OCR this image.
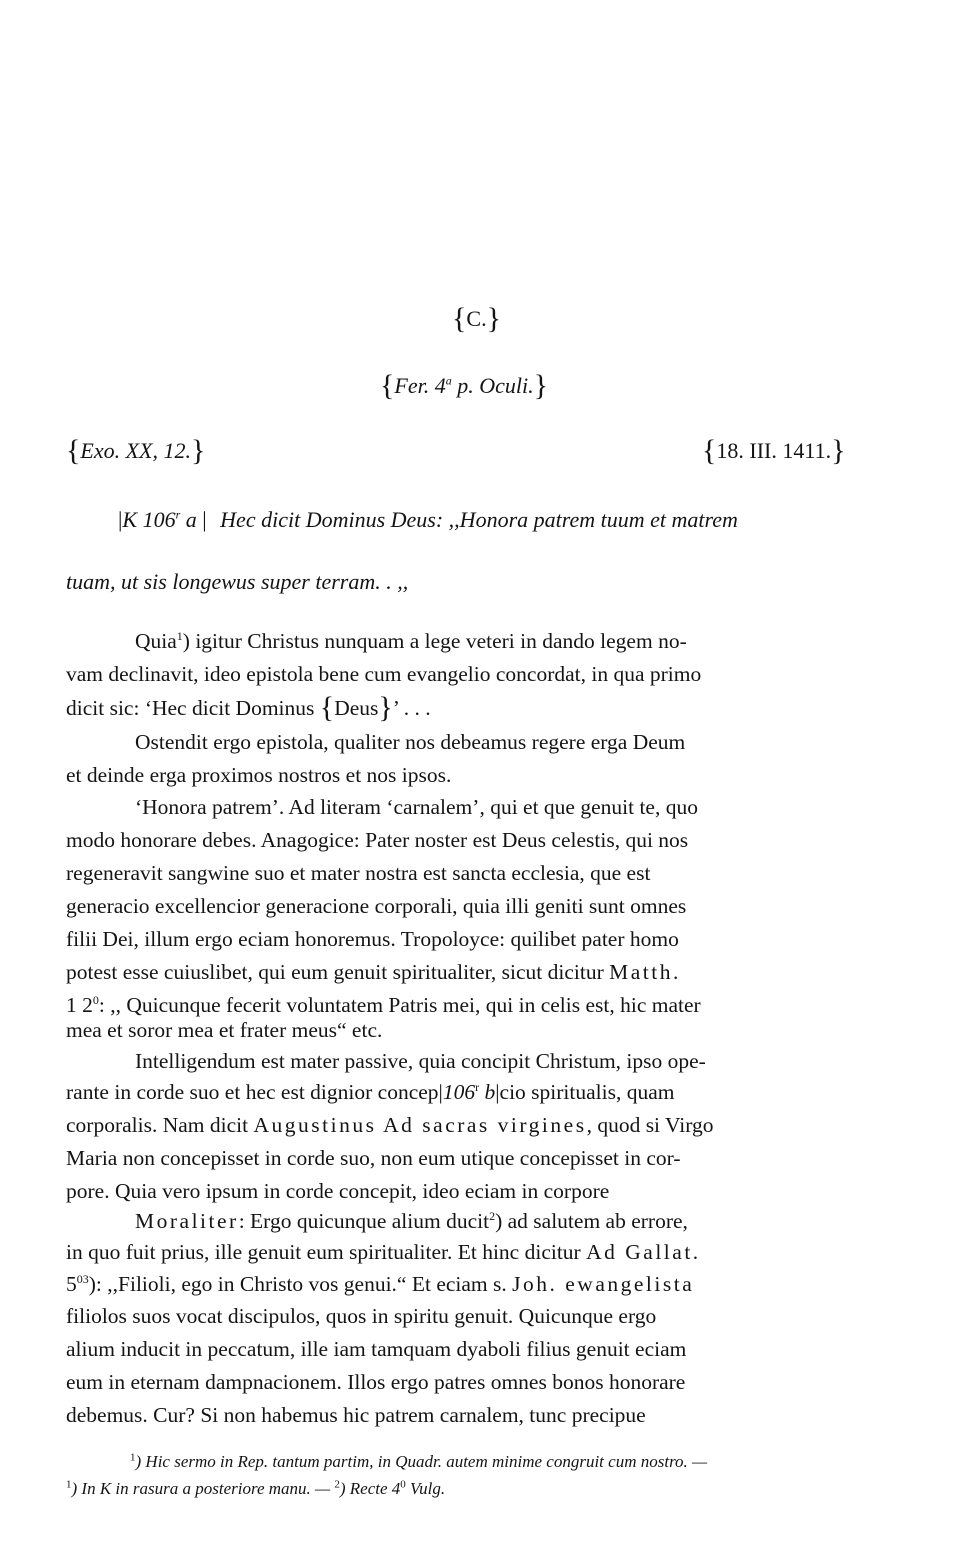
{C.}
{Fer. 4$^a$ p. Oculi.}
{Exo. XX, 12.}	{18. III. 1411.}
|K 106$^r$ a | Hec dicit Dominus Deus: ,,Honora patrem tuum et matrem
tuam, ut sis longewus super terram. . ,,
Quia$^1$) igitur Christus nunquam a lege veteri in dando legem no-
vam declinavit, ideo epistola bene cum evangelio concordat, in qua primo
dicit sic: ‘Hec dicit Dominus {Deus}’ . . .
Ostendit ergo epistola, qualiter nos debeamus regere erga Deum
et deinde erga proximos nostros et nos ipsos.
‘Honora patrem’. Ad literam ‘carnalem’, qui et que genuit te, quo
modo honorare debes. Anagogice: Pater noster est Deus celestis, qui nos
regeneravit sangwine suo et mater nostra est sancta ecclesia, que est
generacio excellencior generacione corporali, quia illi geniti sunt omnes
filii Dei, illum ergo eciam honoremus. Tropoloyce: quilibet pater homo
potest esse cuiuslibet, qui eum genuit spiritualiter, sicut dicitur Matth.
1 $2^0$: ,, Quicunque fecerit voluntatem Patris mei, qui in celis est, hic mater
mea et soror mea et frater meus“ etc.
Intelligendum est mater passive, quia concipit Christum, ipso ope-
rante in corde suo et hec est dignior concep|106$^r$ b|cio spiritualis, quam
corporalis. Nam dicit Augustinus Ad sacras virgines, quod si Virgo
Maria non concepisset in corde suo, non eum utique concepisset in cor-
pore. Quia vero ipsum in corde concepit, ideo eciam in corpore
Moraliter: Ergo quicunque alium ducit$^2$) ad salutem ab errore,
in quo fuit prius, ille genuit eum spiritualiter. Et hinc dicitur Ad Gallat.
$5^{03}$): ,,Filioli, ego in Christo vos genui.“ Et eciam s. Joh. ewangelista
filiolos suos vocat discipulos, quos in spiritu genuit. Quicunque ergo
alium inducit in peccatum, ille iam tamquam dyaboli filius genuit eciam
eum in eternam dampnacionem. Illos ergo patres omnes bonos honorare
debemus. Cur? Si non habemus hic patrem carnalem, tunc precipue
$^1$) Hic sermo in Rep. tantum partim, in Quadr. autem minime congruit cum nostro. —
$^1$) In K in rasura a posteriore manu. — $^2$) Recte $4^0$ Vulg.
